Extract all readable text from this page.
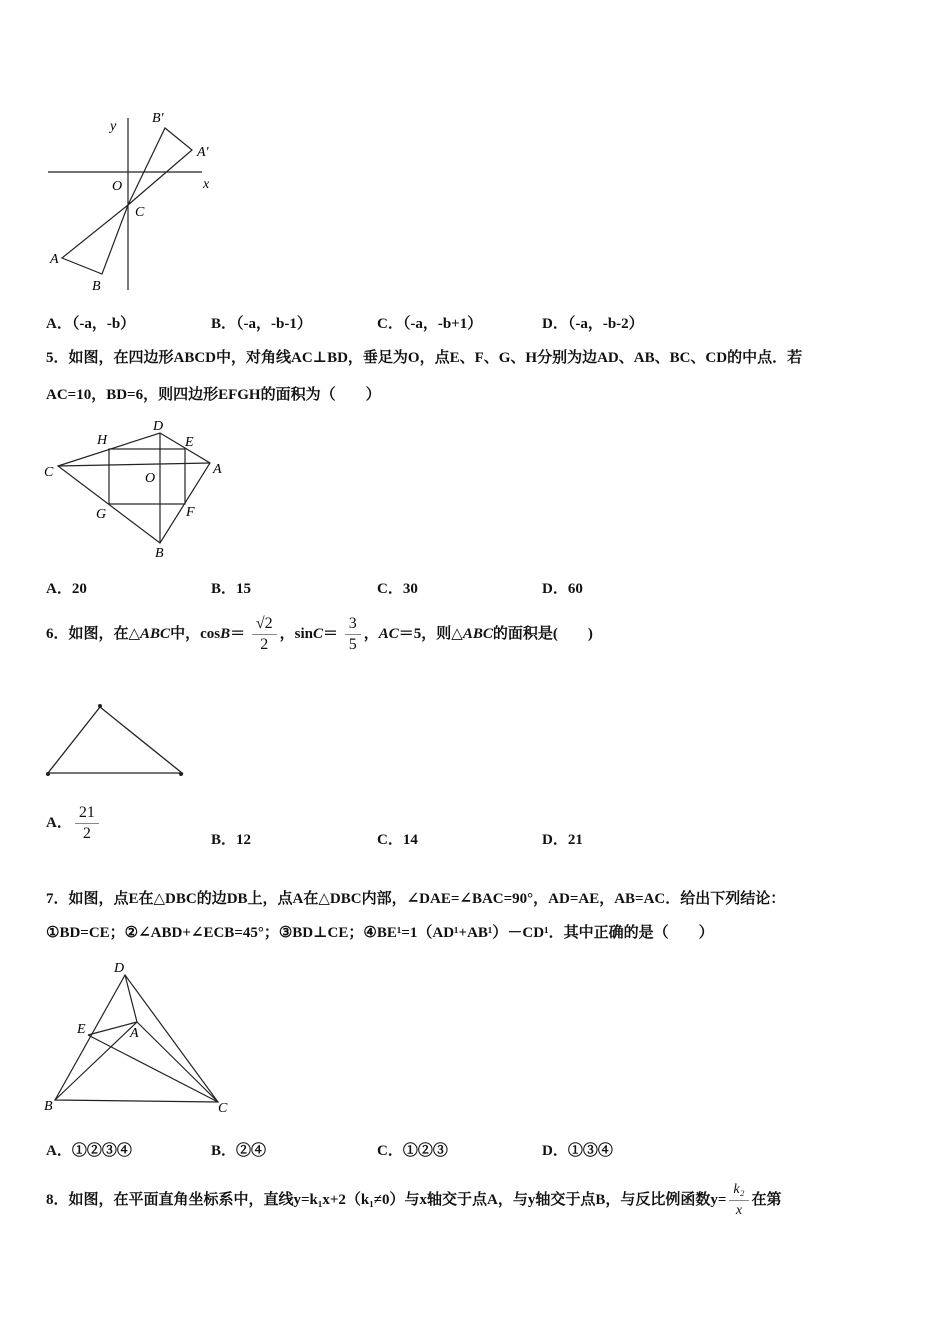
y
x
O
C
A
B
A'
B'
H
D
E
C	O
A
G	F
B
D
E	A
B	C
A．（-a，-b）	B．（-a，-b-1）	C．（-a，-b+1）	D．（-a，-b-2）
5．如图，在四边形ABCD中，对角线AC⊥BD，垂足为O，点E、F、G、H分别为边AD、AB、BC、CD的中点．若
AC=10，BD=6，则四边形EFGH的面积为（　　）
A．20	B．15	C．30	D．60
6．如图，在△ABC中，$\cos B= \frac{√2}{2}$ ，$\sin C= \frac{3}{5}$ ，AC＝5，则△ABC的面积是(　　)
A． $\frac{21}{2}$	B．12	C．14	D．21
7．如图，点E在△DBC的边DB上，点A在△DBC内部，∠DAE=∠BAC=90°，AD=AE，AB=AC．给出下列结论：
①BD=CE；②∠ABD+∠ECB=45°；③BD⊥CE；④BE¹=1（AD¹+AB¹）－CD¹．其中正确的是（　　）
A．①②③④	B．②④	C．①②③	D．①③④
8．如图，在平面直角坐标系中，直线y=k₁x+2（k₁≠0）与x轴交于点A，与y轴交于点B，与反比例函数$y= \frac{\text{k₂}}{x}$ 在第
